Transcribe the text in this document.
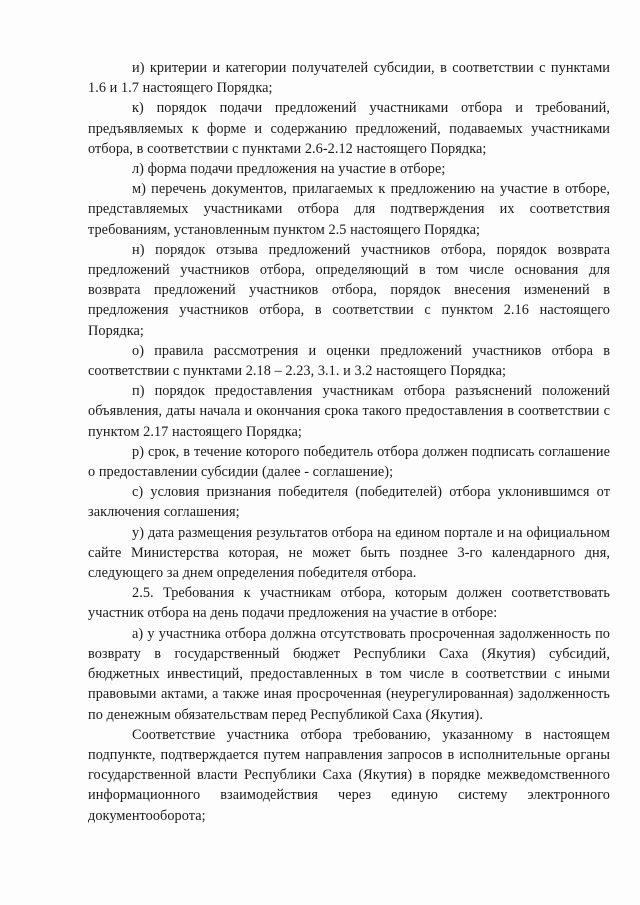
и) критерии и категории получателей субсидии, в соответствии с пунктами 1.6 и 1.7 настоящего Порядка;

к) порядок подачи предложений участниками отбора и требований, предъявляемых к форме и содержанию предложений, подаваемых участниками отбора, в соответствии с пунктами 2.6-2.12 настоящего Порядка;

л) форма подачи предложения на участие в отборе;

м) перечень документов, прилагаемых к предложению на участие в отборе, представляемых участниками отбора для подтверждения их соответствия требованиям, установленным пунктом 2.5 настоящего Порядка;

н) порядок отзыва предложений участников отбора, порядок возврата предложений участников отбора, определяющий в том числе основания для возврата предложений участников отбора, порядок внесения изменений в предложения участников отбора, в соответствии с пунктом 2.16 настоящего Порядка;

о) правила рассмотрения и оценки предложений участников отбора в соответствии с пунктами 2.18 – 2.23, 3.1. и 3.2 настоящего Порядка;

п) порядок предоставления участникам отбора разъяснений положений объявления, даты начала и окончания срока такого предоставления в соответствии с пунктом 2.17 настоящего Порядка;

р) срок, в течение которого победитель отбора должен подписать соглашение о предоставлении субсидии (далее - соглашение);

с) условия признания победителя (победителей) отбора уклонившимся от заключения соглашения;

у) дата размещения результатов отбора на едином портале и на официальном сайте Министерства которая, не может быть позднее 3-го календарного дня, следующего за днем определения победителя отбора.

2.5. Требования к участникам отбора, которым должен соответствовать участник отбора на день подачи предложения на участие в отборе:

а) у участника отбора должна отсутствовать просроченная задолженность по возврату в государственный бюджет Республики Саха (Якутия) субсидий, бюджетных инвестиций, предоставленных в том числе в соответствии с иными правовыми актами, а также иная просроченная (неурегулированная) задолженность по денежным обязательствам перед Республикой Саха (Якутия).

Соответствие участника отбора требованию, указанному в настоящем подпункте, подтверждается путем направления запросов в исполнительные органы государственной власти Республики Саха (Якутия) в порядке межведомственного информационного взаимодействия через единую систему электронного документооборота;
